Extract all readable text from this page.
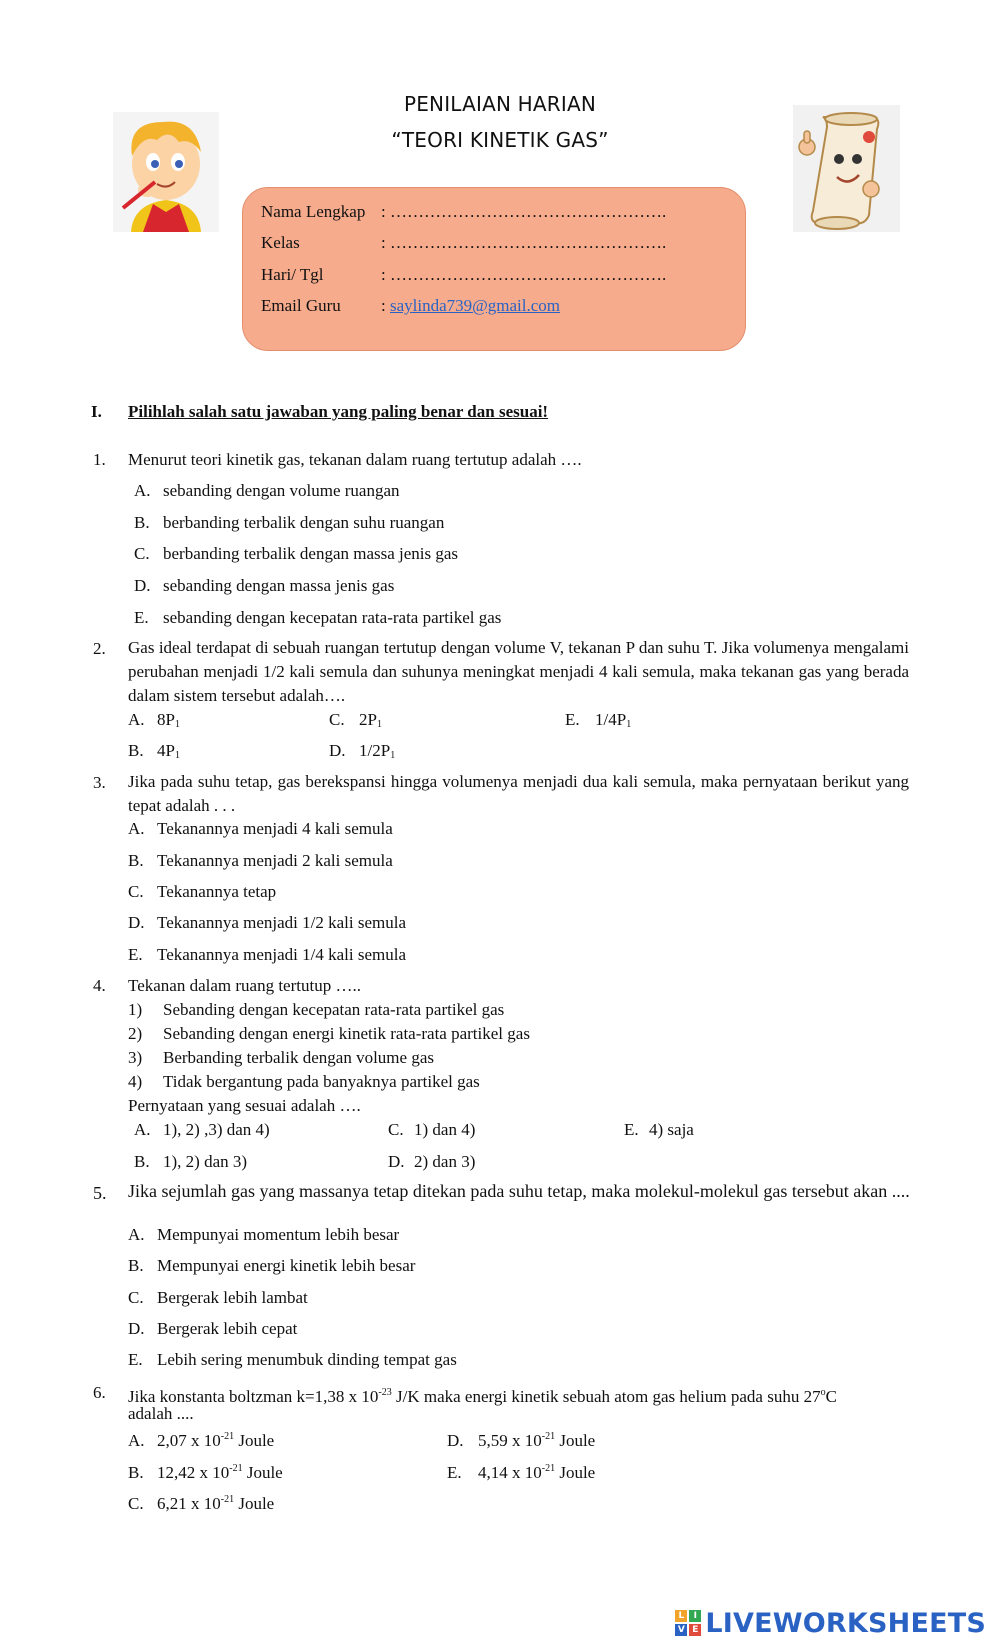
PENILAIAN HARIAN
“TEORI KINETIK GAS”
Nama Lengkap : ………………………………………….
Kelas	: ………………………………………….
Hari/ Tgl	: ………………………………………….
Email Guru : saylinda739@gmail.com
I. Pilihlah salah satu jawaban yang paling benar dan sesuai!
1. Menurut teori kinetik gas, tekanan dalam ruang tertutup adalah ….
A. sebanding dengan volume ruangan
B. berbanding terbalik dengan suhu ruangan
C. berbanding terbalik dengan massa jenis gas
D. sebanding dengan massa jenis gas
E. sebanding dengan kecepatan rata-rata partikel gas
2. Gas ideal terdapat di sebuah ruangan tertutup dengan volume V, tekanan P dan suhu T. Jika volumenya mengalami perubahan menjadi 1/2 kali semula dan suhunya meningkat menjadi 4 kali semula, maka tekanan gas yang berada dalam sistem tersebut adalah….
A. $8P_1$	C. $2P_1$	E. $1/4P_1$
B. $4P_1$	D. $1/2P_1$
3. Jika pada suhu tetap, gas berekspansi hingga volumenya menjadi dua kali semula, maka pernyataan berikut yang tepat adalah . . .
A. Tekanannya menjadi 4 kali semula
B. Tekanannya menjadi 2 kali semula
C. Tekanannya tetap
D. Tekanannya menjadi 1/2 kali semula
E. Tekanannya menjadi 1/4 kali semula
4. Tekanan dalam ruang tertutup …..
1) Sebanding dengan kecepatan rata-rata partikel gas
2) Sebanding dengan energi kinetik rata-rata partikel gas
3) Berbanding terbalik dengan volume gas
4) Tidak bergantung pada banyaknya partikel gas
Pernyataan yang sesuai adalah ….
A. 1), 2) ,3) dan 4)	C. 1) dan 4)	E. 4) saja
B. 1), 2) dan 3)	D. 2) dan 3)
5. Jika sejumlah gas yang massanya tetap ditekan pada suhu tetap, maka molekul-molekul gas tersebut akan ....
A. Mempunyai momentum lebih besar
B. Mempunyai energi kinetik lebih besar
C. Bergerak lebih lambat
D. Bergerak lebih cepat
E. Lebih sering menumbuk dinding tempat gas
6. Jika konstanta boltzman k=1,38 x $10^{-23}$ J/K maka energi kinetik sebuah atom gas helium pada suhu 27$^o$C
adalah ....
A. 2,07 x $10^{-21}$ Joule	D. 5,59 x $10^{-21}$ Joule
B. 12,42 x $10^{-21}$ Joule	E. 4,14 x $10^{-21}$ Joule
C. 6,21 x $10^{-21}$ Joule
L	I
V E LIVEWORKSHEETS
